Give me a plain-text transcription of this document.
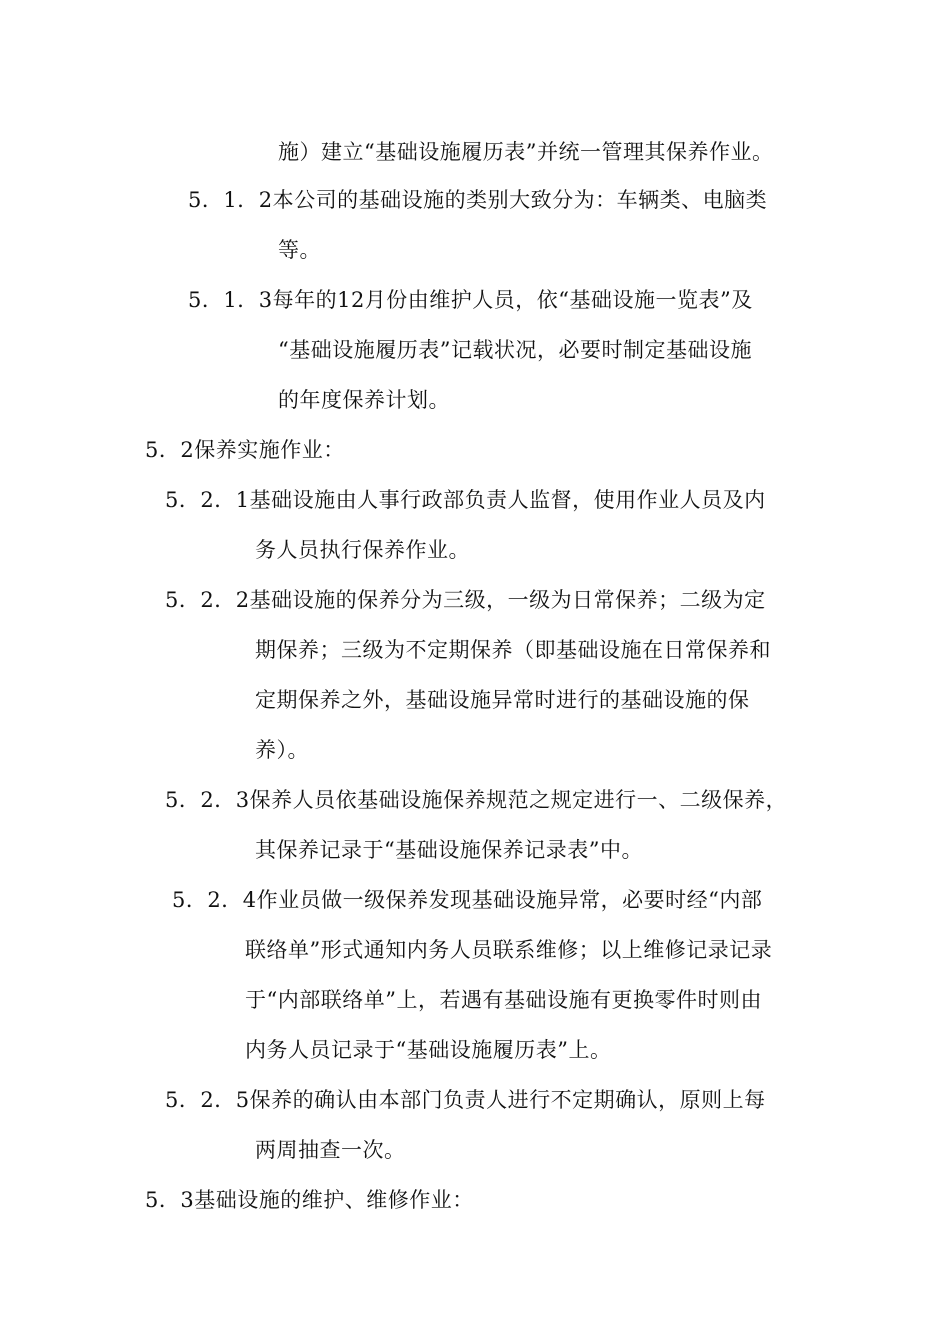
施）建立“基础设施履历表”并统一管理其保养作业。
5．1．2本公司的基础设施的类别大致分为：车辆类、电脑类
等。
5．1．3每年的12月份由维护人员，依“基础设施一览表”及
“基础设施履历表”记载状况，必要时制定基础设施
的年度保养计划。
5．2保养实施作业：
5．2．1基础设施由人事行政部负责人监督，使用作业人员及内
务人员执行保养作业。
5．2．2基础设施的保养分为三级，一级为日常保养；二级为定
期保养；三级为不定期保养（即基础设施在日常保养和
定期保养之外，基础设施异常时进行的基础设施的保
养）。
5．2．3保养人员依基础设施保养规范之规定进行一、二级保养，
其保养记录于“基础设施保养记录表”中。
5．2．4作业员做一级保养发现基础设施异常，必要时经“内部
联络单”形式通知内务人员联系维修；以上维修记录记录
于“内部联络单”上，若遇有基础设施有更换零件时则由
内务人员记录于“基础设施履历表”上。
5．2．5保养的确认由本部门负责人进行不定期确认，原则上每
两周抽查一次。
5．3基础设施的维护、维修作业：
